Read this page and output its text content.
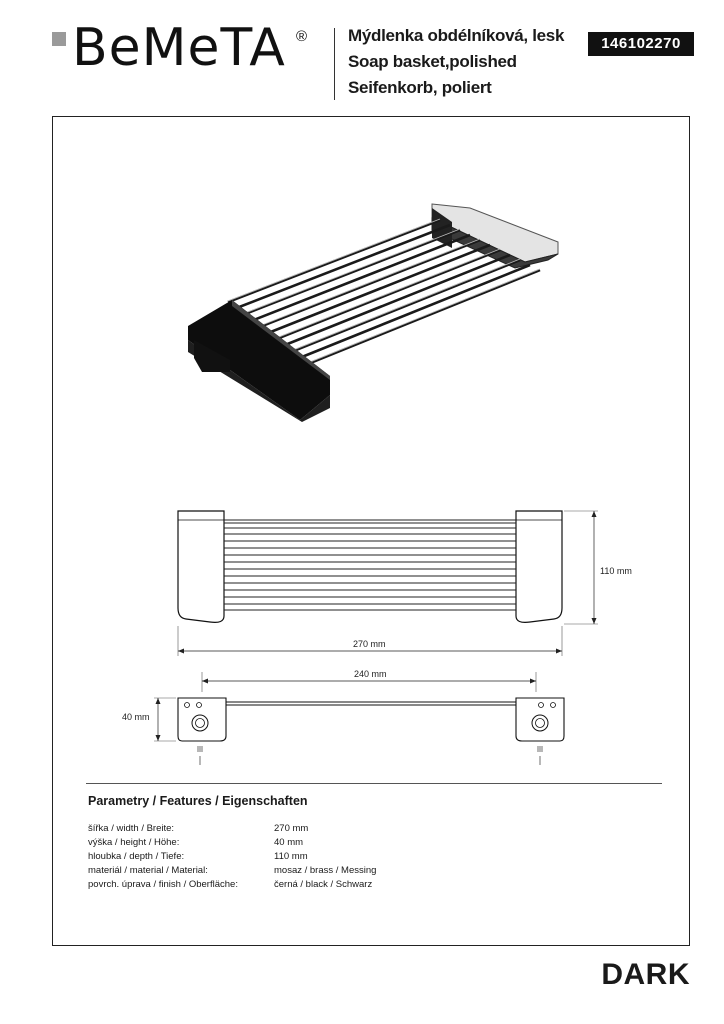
BeMeTA ® Mýdlenka obdélníková, lesk
Soap basket,polished
Seifenkorb, poliert
146102270
110 mm
270 mm
240 mm
40 mm
Parametry / Features / Eigenschaften
šířka / width / Breite:	270 mm
výška / height / Höhe:	40 mm
hloubka / depth / Tiefe:	110 mm
materiál / material / Material:	mosaz / brass / Messing
povrch. úprava / finish / Oberfläche:	černá / black / Schwarz
DARK
